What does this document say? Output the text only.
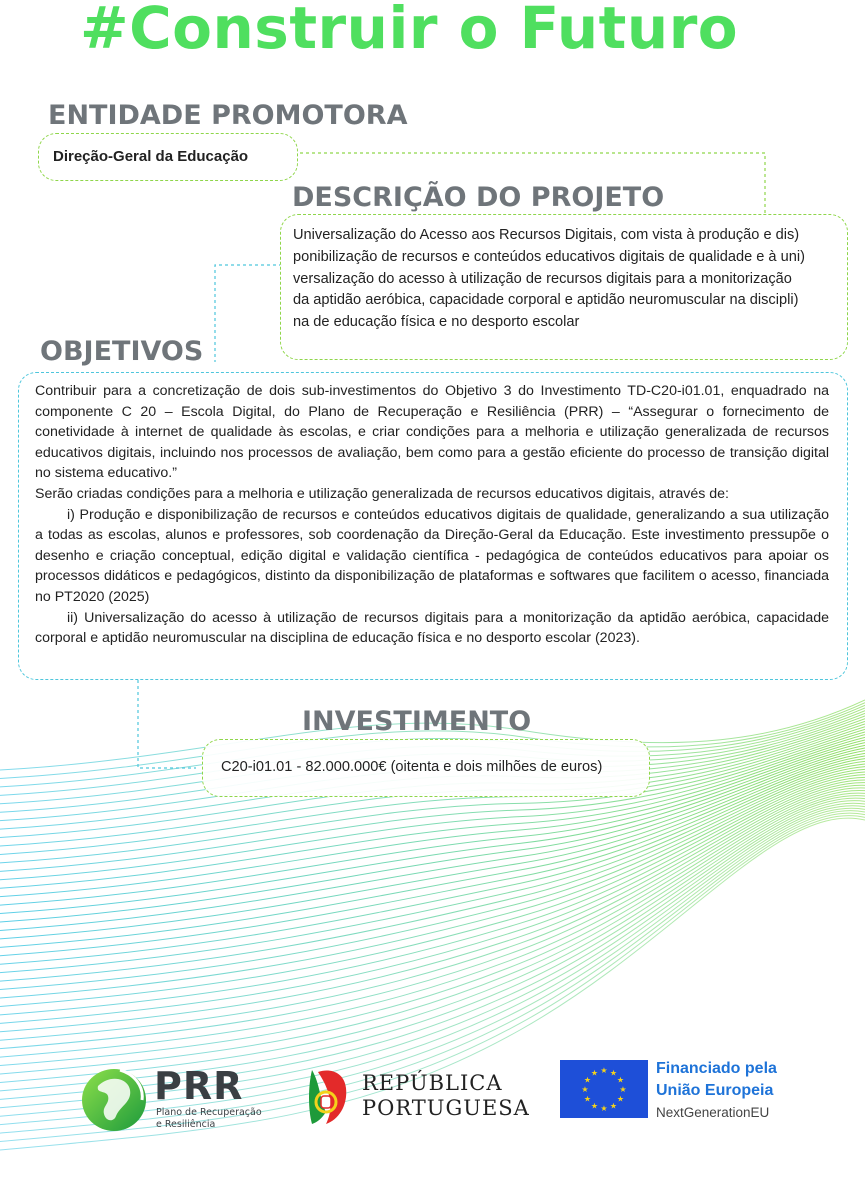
#Construir o Futuro
ENTIDADE PROMOTORA
Direção-Geral da Educação
DESCRIÇÃO DO PROJETO
Universalização do Acesso aos Recursos Digitais, com vista à produção e dis)
ponibilização de recursos e conteúdos educativos digitais de qualidade e à uni)
versalização do acesso à utilização de recursos digitais para a monitorização
da aptidão aeróbica, capacidade corporal e aptidão neuromuscular na discipli)
na de educação física e no desporto escolar
OBJETIVOS
Contribuir para a concretização de dois sub-investimentos do Objetivo 3 do Investimento TD-C20-i01.01, enquadrado na componente C 20 – Escola Digital, do Plano de Recuperação e Resiliência (PRR) – “Assegurar o fornecimento de conetividade à internet de qualidade às escolas, e criar condições para a melhoria e utilização generalizada de recursos educativos digitais, incluindo nos processos de avaliação, bem como para a gestão eficiente do processo de transição digital no sistema educativo.”
Serão criadas condições para a melhoria e utilização generalizada de recursos educativos digitais, através de:
i) Produção e disponibilização de recursos e conteúdos educativos digitais de qualidade, generalizando a sua utilização a todas as escolas, alunos e professores, sob coordenação da Direção-Geral da Educação. Este investimento pressupõe o desenho e criação conceptual, edição digital e validação científica - pedagógica de conteúdos educativos para apoiar os processos didáticos e pedagógicos, distinto da disponibilização de plataformas e softwares que facilitem o acesso, financiada no PT2020 (2025)
ii) Universalização do acesso à utilização de recursos digitais para a monitorização da aptidão aeróbica, capacidade corporal e aptidão neuromuscular na disciplina de educação física e no desporto escolar (2023).
INVESTIMENTO
C20-i01.01 - 82.000.000€ (oitenta e dois milhões de euros)
PRR
Plano de Recuperação
e Resiliência
REPÚBLICA
PORTUGUESA
★
★
★
★
★
★
★
★
★ ★ ★
★
Financiado pela
União Europeia
NextGenerationEU
